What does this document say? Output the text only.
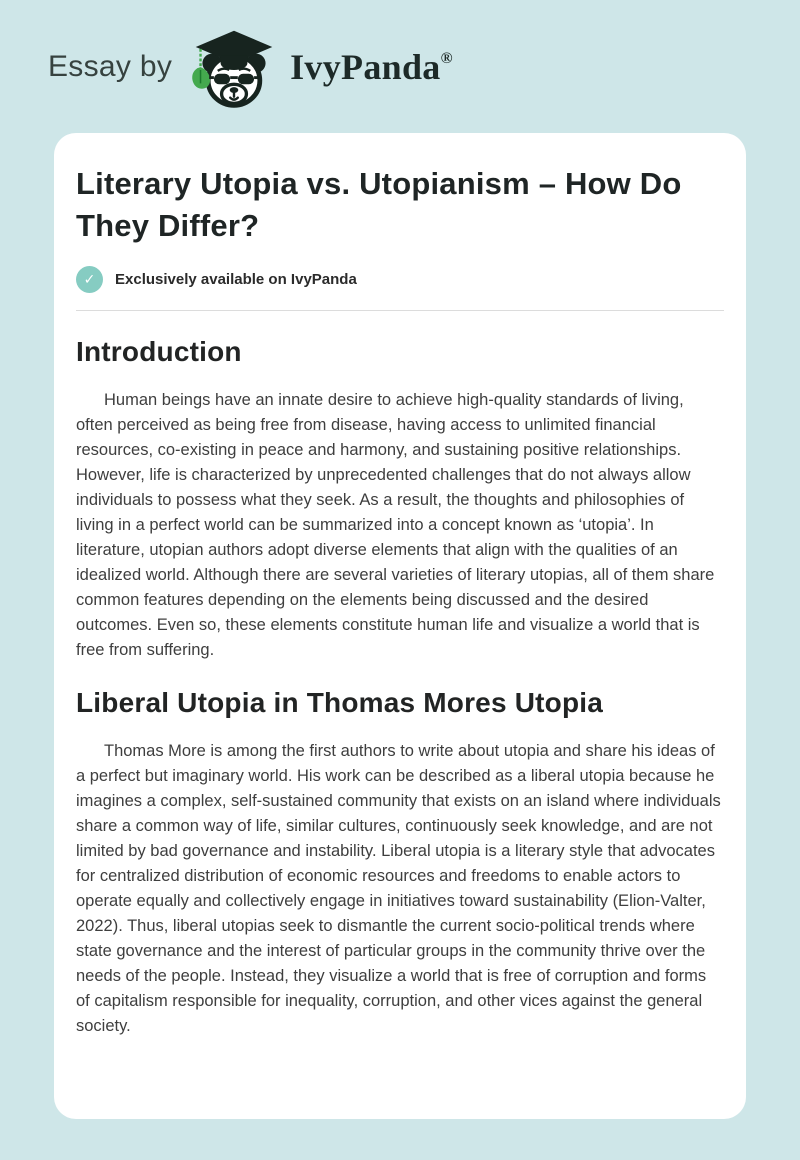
Essay by	IvyPanda®
Literary Utopia vs. Utopianism – How Do They Differ?
✓	Exclusively available on IvyPanda
Introduction

Human beings have an innate desire to achieve high-quality standards of living, often perceived as being free from disease, having access to unlimited financial resources, co-existing in peace and harmony, and sustaining positive relationships. However, life is characterized by unprecedented challenges that do not always allow individuals to possess what they seek. As a result, the thoughts and philosophies of living in a perfect world can be summarized into a concept known as ‘utopia’. In literature, utopian authors adopt diverse elements that align with the qualities of an idealized world. Although there are several varieties of literary utopias, all of them share common features depending on the elements being discussed and the desired outcomes. Even so, these elements constitute human life and visualize a world that is free from suffering.

Liberal Utopia in Thomas Mores Utopia

Thomas More is among the first authors to write about utopia and share his ideas of a perfect but imaginary world. His work can be described as a liberal utopia because he imagines a complex, self-sustained community that exists on an island where individuals share a common way of life, similar cultures, continuously seek knowledge, and are not limited by bad governance and instability. Liberal utopia is a literary style that advocates for centralized distribution of economic resources and freedoms to enable actors to operate equally and collectively engage in initiatives toward sustainability (Elion-Valter, 2022). Thus, liberal utopias seek to dismantle the current socio-political trends where state governance and the interest of particular groups in the community thrive over the needs of the people. Instead, they visualize a world that is free of corruption and forms of capitalism responsible for inequality, corruption, and other vices against the general society.
